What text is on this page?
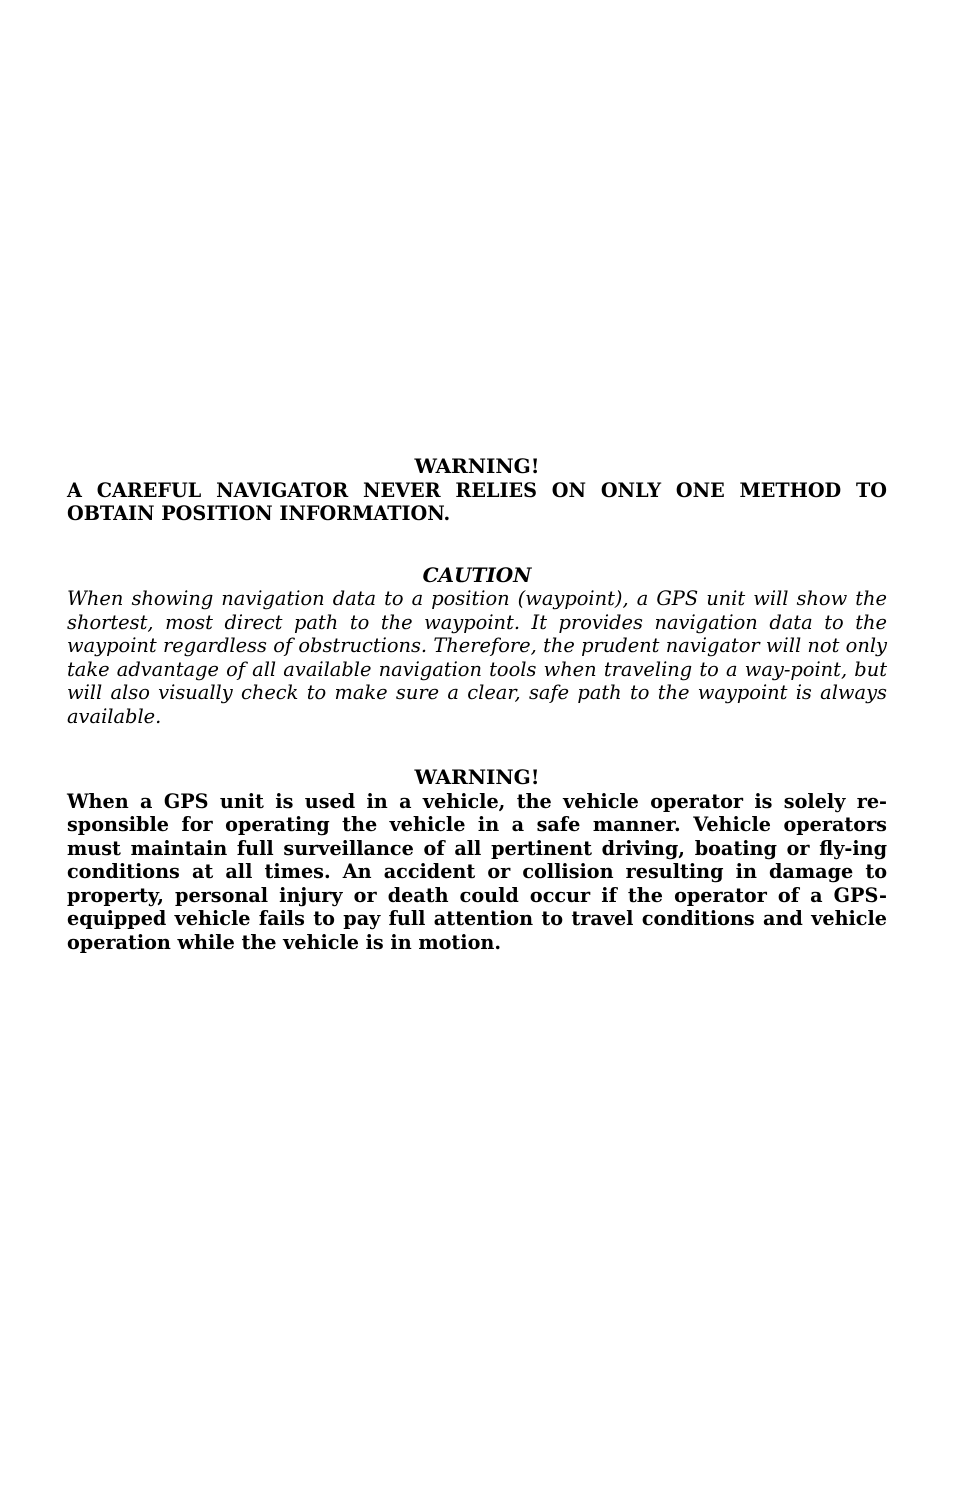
WARNING!

A CAREFUL NAVIGATOR NEVER RELIES ON ONLY ONE METHOD TO OBTAIN POSITION INFORMATION.

CAUTION

When showing navigation data to a position (waypoint), a GPS unit will show the shortest, most direct path to the waypoint. It provides navigation data to the waypoint regardless of obstructions. Therefore, the prudent navigator will not only take advantage of all available navigation tools when traveling to a way-point, but will also visually check to make sure a clear, safe path to the waypoint is always available.

WARNING!

When a GPS unit is used in a vehicle, the vehicle operator is solely re-sponsible for operating the vehicle in a safe manner. Vehicle operators must maintain full surveillance of all pertinent driving, boating or fly-ing conditions at all times. An accident or collision resulting in damage to property, personal injury or death could occur if the operator of a GPS-equipped vehicle fails to pay full attention to travel conditions and vehicle operation while the vehicle is in motion.
